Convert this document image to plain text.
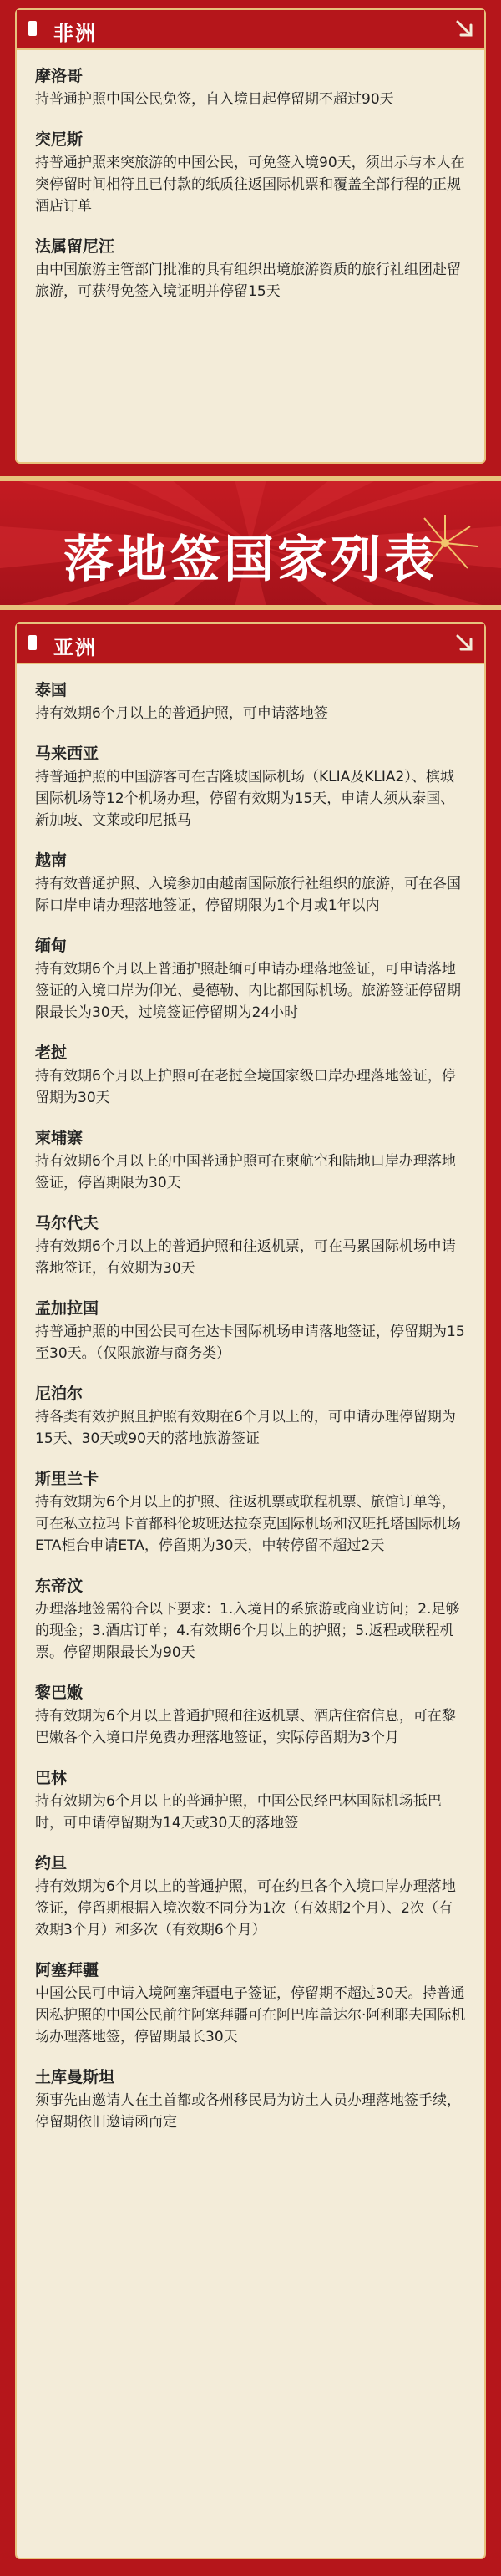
非洲
摩洛哥
持普通护照中国公民免签，自入境日起停留期不超过90天
突尼斯
持普通护照来突旅游的中国公民，可免签入境90天，须出示与本人在突停留时间相符且已付款的纸质往返国际机票和覆盖全部行程的正规酒店订单
法属留尼汪
由中国旅游主管部门批准的具有组织出境旅游资质的旅行社组团赴留旅游，可获得免签入境证明并停留15天
落地签国家列表
亚洲
泰国
持有效期6个月以上的普通护照，可申请落地签
马来西亚
持普通护照的中国游客可在吉隆坡国际机场（KLIA及KLIA2）、槟城国际机场等12个机场办理，停留有效期为15天，申请人须从泰国、新加坡、文莱或印尼抵马
越南
持有效普通护照、入境参加由越南国际旅行社组织的旅游，可在各国际口岸申请办理落地签证，停留期限为1个月或1年以内
缅甸
持有效期6个月以上普通护照赴缅可申请办理落地签证，可申请落地签证的入境口岸为仰光、曼德勒、内比都国际机场。旅游签证停留期限最长为30天，过境签证停留期为24小时
老挝
持有效期6个月以上护照可在老挝全境国家级口岸办理落地签证，停留期为30天
柬埔寨
持有效期6个月以上的中国普通护照可在柬航空和陆地口岸办理落地签证，停留期限为30天
马尔代夫
持有效期6个月以上的普通护照和往返机票，可在马累国际机场申请落地签证，有效期为30天
孟加拉国
持普通护照的中国公民可在达卡国际机场申请落地签证，停留期为15至30天。（仅限旅游与商务类）
尼泊尔
持各类有效护照且护照有效期在6个月以上的，可申请办理停留期为15天、30天或90天的落地旅游签证
斯里兰卡
持有效期为6个月以上的护照、往返机票或联程机票、旅馆订单等，可在私立拉玛卡首都科伦坡班达拉奈克国际机场和汉班托塔国际机场ETA柜台申请ETA，停留期为30天，中转停留不超过2天
东帝汶
办理落地签需符合以下要求：1.入境目的系旅游或商业访问；2.足够的现金；3.酒店订单；4.有效期6个月以上的护照；5.返程或联程机票。停留期限最长为90天
黎巴嫩
持有效期为6个月以上普通护照和往返机票、酒店住宿信息，可在黎巴嫩各个入境口岸免费办理落地签证，实际停留期为3个月
巴林
持有效期为6个月以上的普通护照，中国公民经巴林国际机场抵巴时，可申请停留期为14天或30天的落地签
约旦
持有效期为6个月以上的普通护照，可在约旦各个入境口岸办理落地签证，停留期根据入境次数不同分为1次（有效期2个月）、2次（有效期3个月）和多次（有效期6个月）
阿塞拜疆
中国公民可申请入境阿塞拜疆电子签证，停留期不超过30天。持普通因私护照的中国公民前往阿塞拜疆可在阿巴库盖达尔·阿利耶夫国际机场办理落地签，停留期最长30天
土库曼斯坦
须事先由邀请人在土首都或各州移民局为访土人员办理落地签手续，停留期依旧邀请函而定
